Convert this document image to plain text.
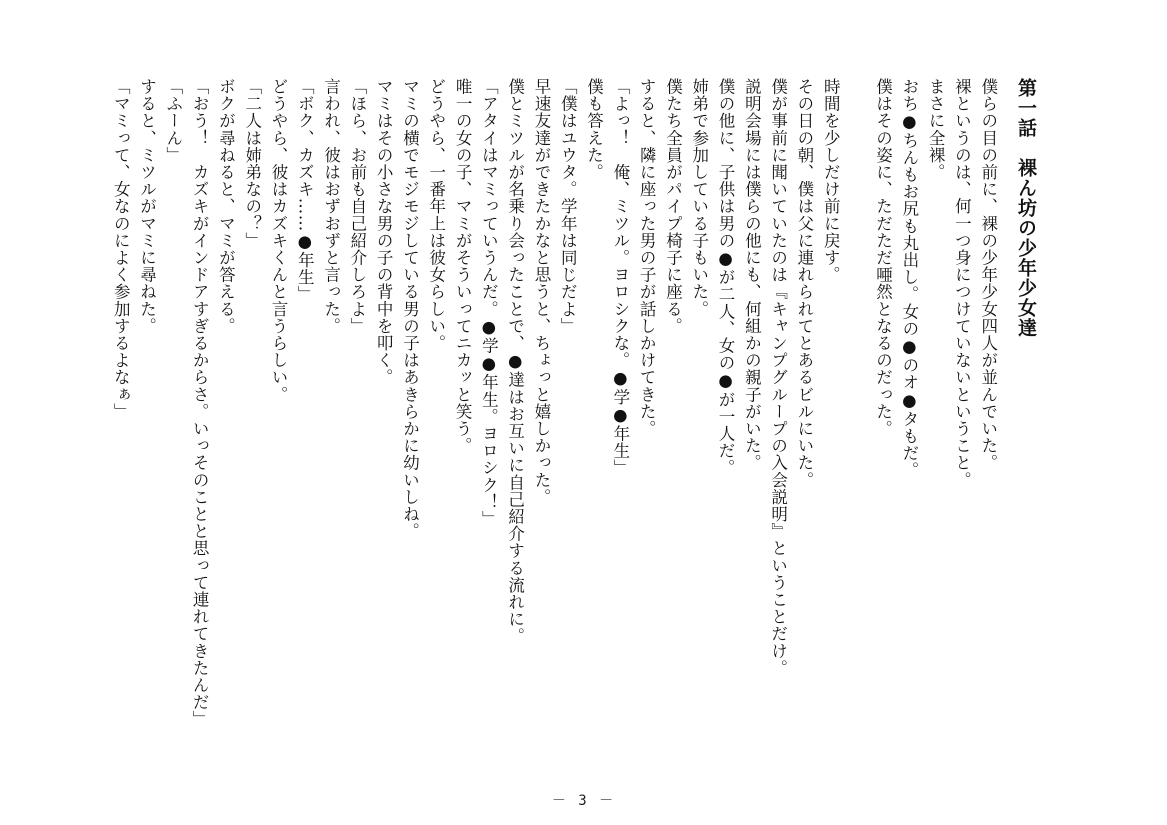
第一話　裸ん坊の少年少女達
僕らの目の前に、裸の少年少女四人が並んでいた。
裸というのは、何一つ身につけていないということ。
まさに全裸。
おち●ちんもお尻も丸出し。女の●のオ●タもだ。
僕はその姿に、ただただ唖然となるのだった。
時間を少しだけ前に戻す。
その日の朝、僕は父に連れられてとあるビルにいた。
僕が事前に聞いていたのは『キャンプグループの入会説明』ということだけ。
説明会場には僕らの他にも、何組かの親子がいた。
僕の他に、子供は男の●が二人、女の●が一人だ。
姉弟で参加している子もいた。
僕たち全員がパイプ椅子に座る。
すると、隣に座った男の子が話しかけてきた。
「よっ！　俺、ミツル。ヨロシクな。●学●年生」
僕も答えた。
「僕はユウタ。学年は同じだよ」
早速友達ができたかなと思うと、ちょっと嬉しかった。
僕とミツルが名乗り会ったことで、●達はお互いに自己紹介する流れに。
「アタイはマミっていうんだ。●学●年生。ヨロシク！」
唯一の女の子、マミがそういってニカッと笑う。
どうやら、一番年上は彼女らしい。
マミの横でモジモジしている男の子はあきらかに幼いしね。
マミはその小さな男の子の背中を叩く。
「ほら、お前も自己紹介しろよ」
言われ、彼はおずおずと言った。
「ボク、カズキ……●年生」
どうやら、彼はカズキくんと言うらしい。
「二人は姉弟なの？」
ボクが尋ねると、マミが答える。
「おう！　カズキがインドアすぎるからさ。いっそのことと思って連れてきたんだ」
「ふーん」
すると、ミツルがマミに尋ねた。
「マミって、女なのによく参加するよなぁ」
－ 3 －
